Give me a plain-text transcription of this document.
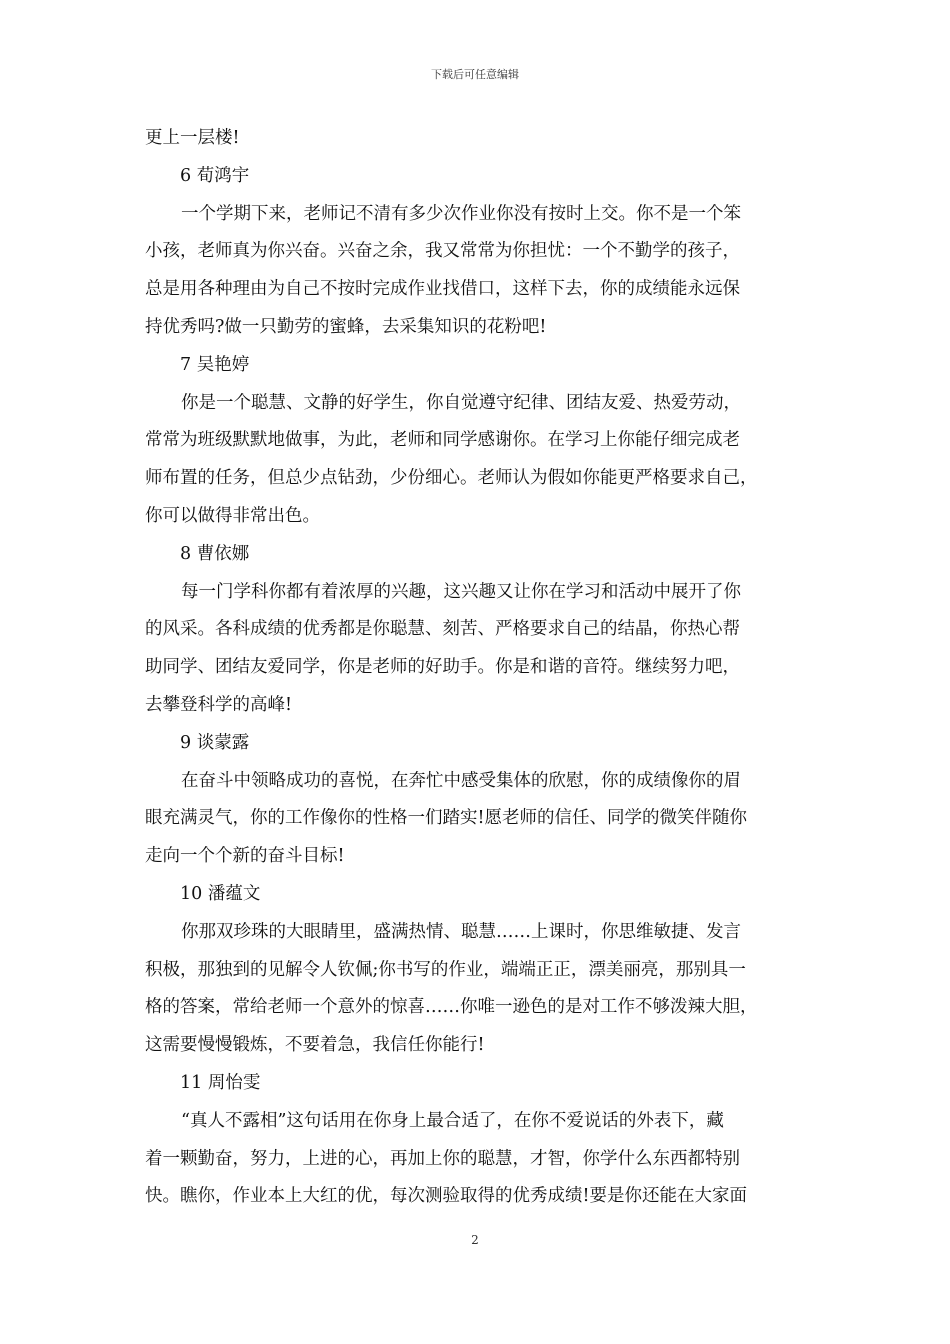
下载后可任意编辑
更上一层楼!
6 荀鸿宇
一个学期下来，老师记不清有多少次作业你没有按时上交。你不是一个笨
小孩，老师真为你兴奋。兴奋之余，我又常常为你担忧：一个不勤学的孩子，
总是用各种理由为自己不按时完成作业找借口，这样下去，你的成绩能永远保
持优秀吗?做一只勤劳的蜜蜂，去采集知识的花粉吧!
7 吴艳婷
你是一个聪慧、文静的好学生，你自觉遵守纪律、团结友爱、热爱劳动，
常常为班级默默地做事，为此，老师和同学感谢你。在学习上你能仔细完成老
师布置的任务，但总少点钻劲，少份细心。老师认为假如你能更严格要求自己，
你可以做得非常出色。
8 曹依娜
每一门学科你都有着浓厚的兴趣，这兴趣又让你在学习和活动中展开了你
的风采。各科成绩的优秀都是你聪慧、刻苦、严格要求自己的结晶，你热心帮
助同学、团结友爱同学，你是老师的好助手。你是和谐的音符。继续努力吧，
去攀登科学的高峰!
9 谈蒙露
在奋斗中领略成功的喜悦，在奔忙中感受集体的欣慰，你的成绩像你的眉
眼充满灵气，你的工作像你的性格一们踏实!愿老师的信任、同学的微笑伴随你
走向一个个新的奋斗目标!
10 潘蕴文
你那双珍珠的大眼睛里，盛满热情、聪慧……上课时，你思维敏捷、发言
积极，那独到的见解令人钦佩;你书写的作业，端端正正，漂美丽亮，那别具一
格的答案，常给老师一个意外的惊喜……你唯一逊色的是对工作不够泼辣大胆，
这需要慢慢锻炼，不要着急，我信任你能行!
11 周怡雯
“真人不露相”这句话用在你身上最合适了，在你不爱说话的外表下，藏
着一颗勤奋，努力，上进的心，再加上你的聪慧，才智，你学什么东西都特别
快。瞧你，作业本上大红的优，每次测验取得的优秀成绩!要是你还能在大家面
2
